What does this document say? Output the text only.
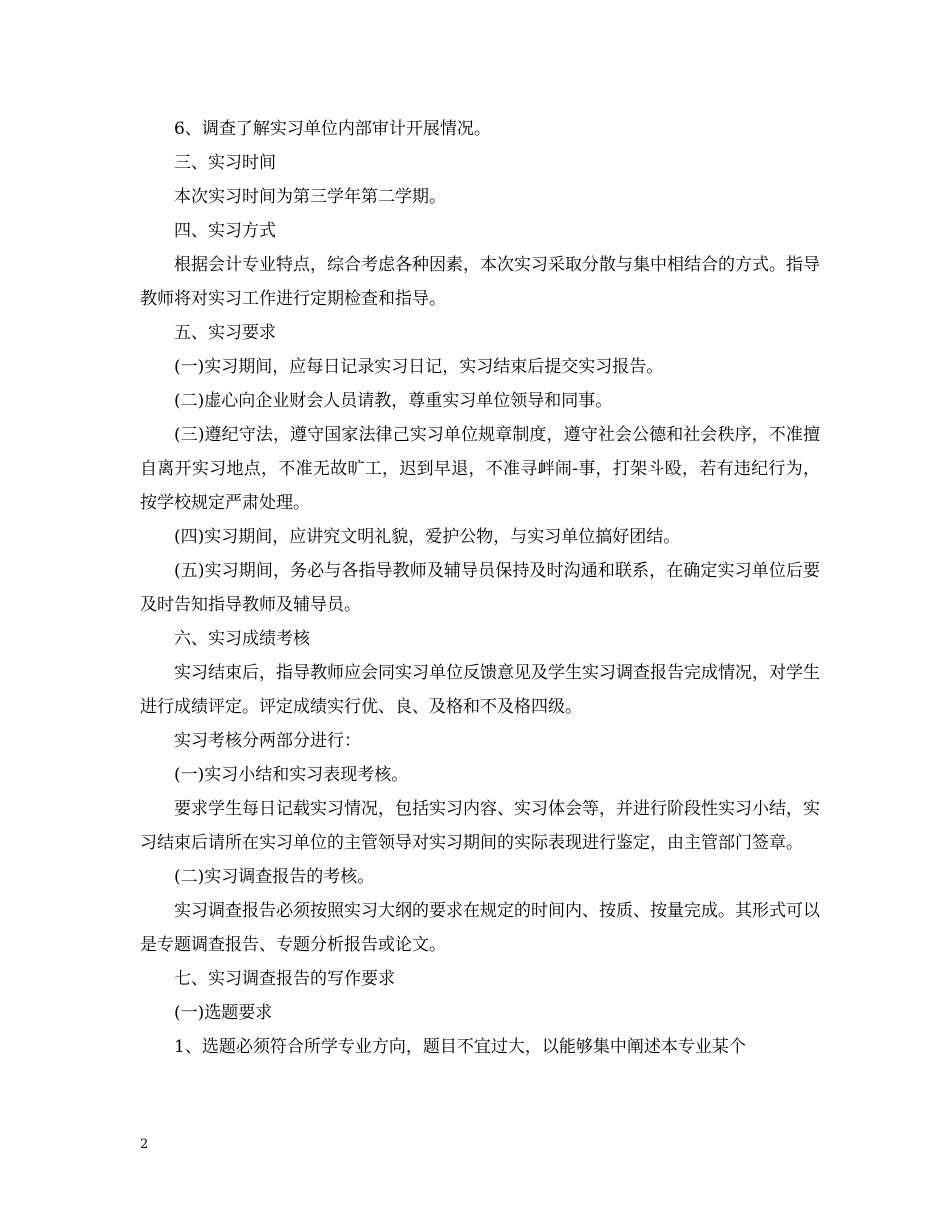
6、调查了解实习单位内部审计开展情况。

三、实习时间

本次实习时间为第三学年第二学期。

四、实习方式

根据会计专业特点，综合考虑各种因素，本次实习采取分散与集中相结合的方式。指导教师将对实习工作进行定期检查和指导。

五、实习要求

(一)实习期间，应每日记录实习日记，实习结束后提交实习报告。

(二)虚心向企业财会人员请教，尊重实习单位领导和同事。

(三)遵纪守法，遵守国家法律己实习单位规章制度，遵守社会公德和社会秩序，不准擅自离开实习地点，不准无故旷工，迟到早退，不准寻衅闹-事，打架斗殴，若有违纪行为，按学校规定严肃处理。

(四)实习期间，应讲究文明礼貌，爱护公物，与实习单位搞好团结。

(五)实习期间，务必与各指导教师及辅导员保持及时沟通和联系，在确定实习单位后要及时告知指导教师及辅导员。

六、实习成绩考核

实习结束后，指导教师应会同实习单位反馈意见及学生实习调查报告完成情况，对学生进行成绩评定。评定成绩实行优、良、及格和不及格四级。

实习考核分两部分进行：

(一)实习小结和实习表现考核。

要求学生每日记载实习情况，包括实习内容、实习体会等，并进行阶段性实习小结，实习结束后请所在实习单位的主管领导对实习期间的实际表现进行鉴定，由主管部门签章。

(二)实习调查报告的考核。

实习调查报告必须按照实习大纲的要求在规定的时间内、按质、按量完成。其形式可以是专题调查报告、专题分析报告或论文。

七、实习调查报告的写作要求

(一)选题要求

1、选题必须符合所学专业方向，题目不宜过大，以能够集中阐述本专业某个

2
